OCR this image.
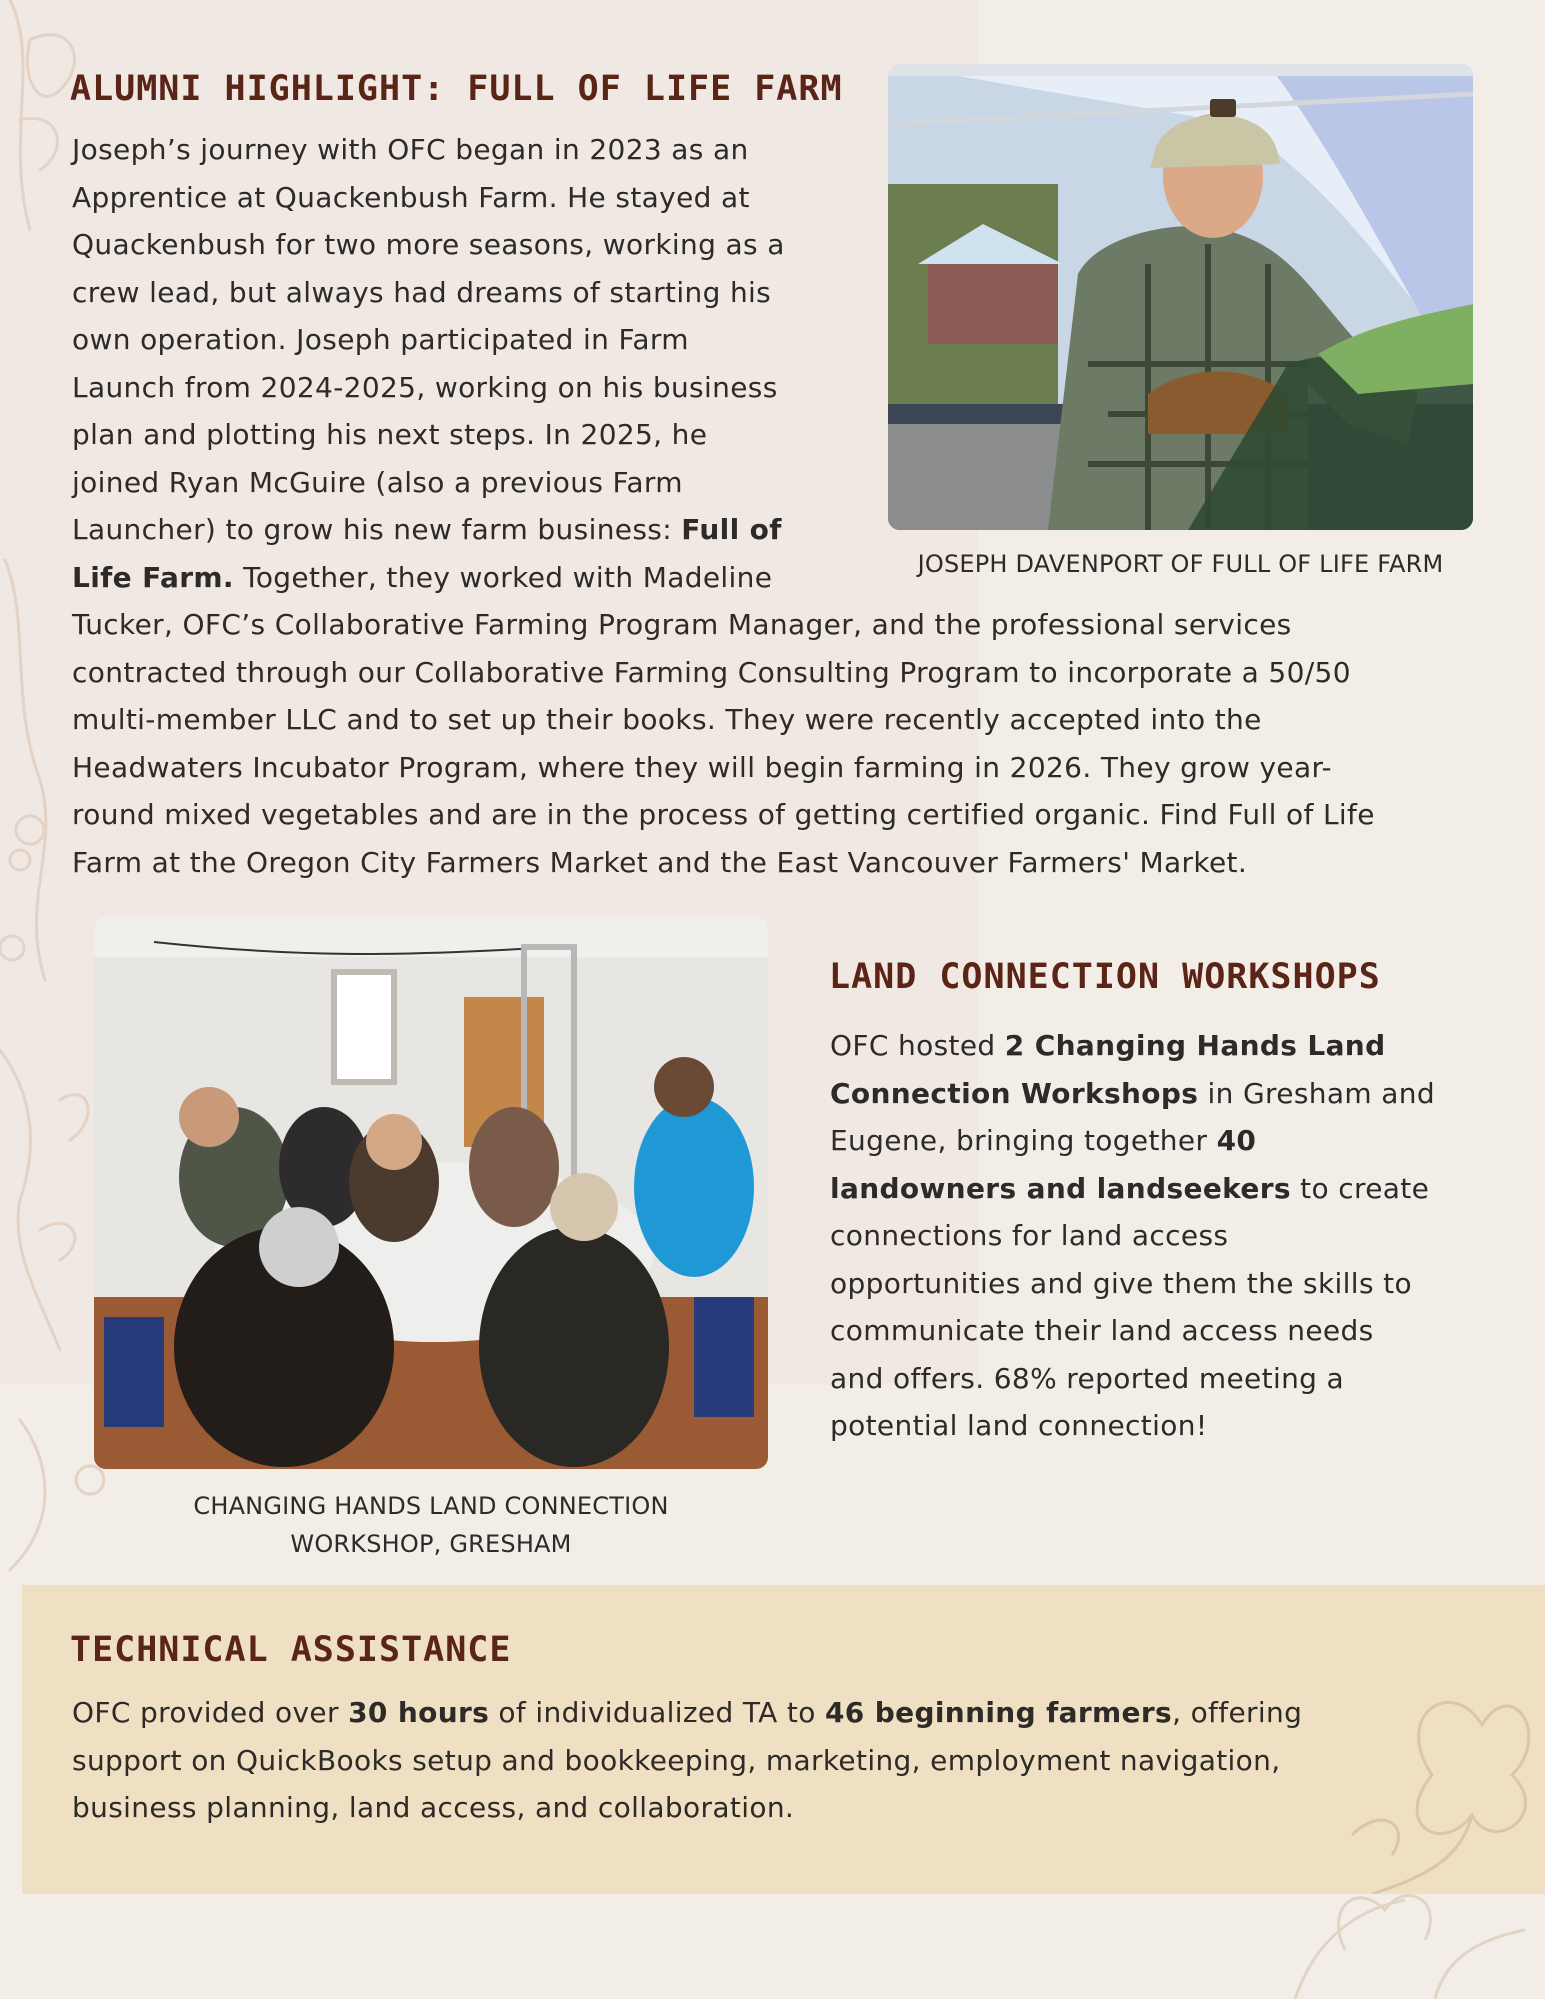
ALUMNI HIGHLIGHT: FULL OF LIFE FARM
Joseph’s journey with OFC began in 2023 as an
Apprentice at Quackenbush Farm. He stayed at
Quackenbush for two more seasons, working as a
crew lead, but always had dreams of starting his
own operation. Joseph participated in Farm
Launch from 2024-2025, working on his business
plan and plotting his next steps. In 2025, he
joined Ryan McGuire (also a previous Farm
Launcher) to grow his new farm business: Full of
Life Farm. Together, they worked with Madeline
Tucker, OFC’s Collaborative Farming Program Manager, and the professional services
contracted through our Collaborative Farming Consulting Program to incorporate a 50/50
multi-member LLC and to set up their books. They were recently accepted into the
Headwaters Incubator Program, where they will begin farming in 2026. They grow year-
round mixed vegetables and are in the process of getting certified organic. Find Full of Life
Farm at the Oregon City Farmers Market and the East Vancouver Farmers' Market.
JOSEPH DAVENPORT OF FULL OF LIFE FARM
CHANGING HANDS LAND CONNECTION
WORKSHOP, GRESHAM
LAND CONNECTION WORKSHOPS
OFC hosted 2 Changing Hands Land
Connection Workshops in Gresham and
Eugene, bringing together 40
landowners and landseekers to create
connections for land access
opportunities and give them the skills to
communicate their land access needs
and offers. 68% reported meeting a
potential land connection!
TECHNICAL ASSISTANCE
OFC provided over 30 hours of individualized TA to 46 beginning farmers, offering
support on QuickBooks setup and bookkeeping, marketing, employment navigation,
business planning, land access, and collaboration.
